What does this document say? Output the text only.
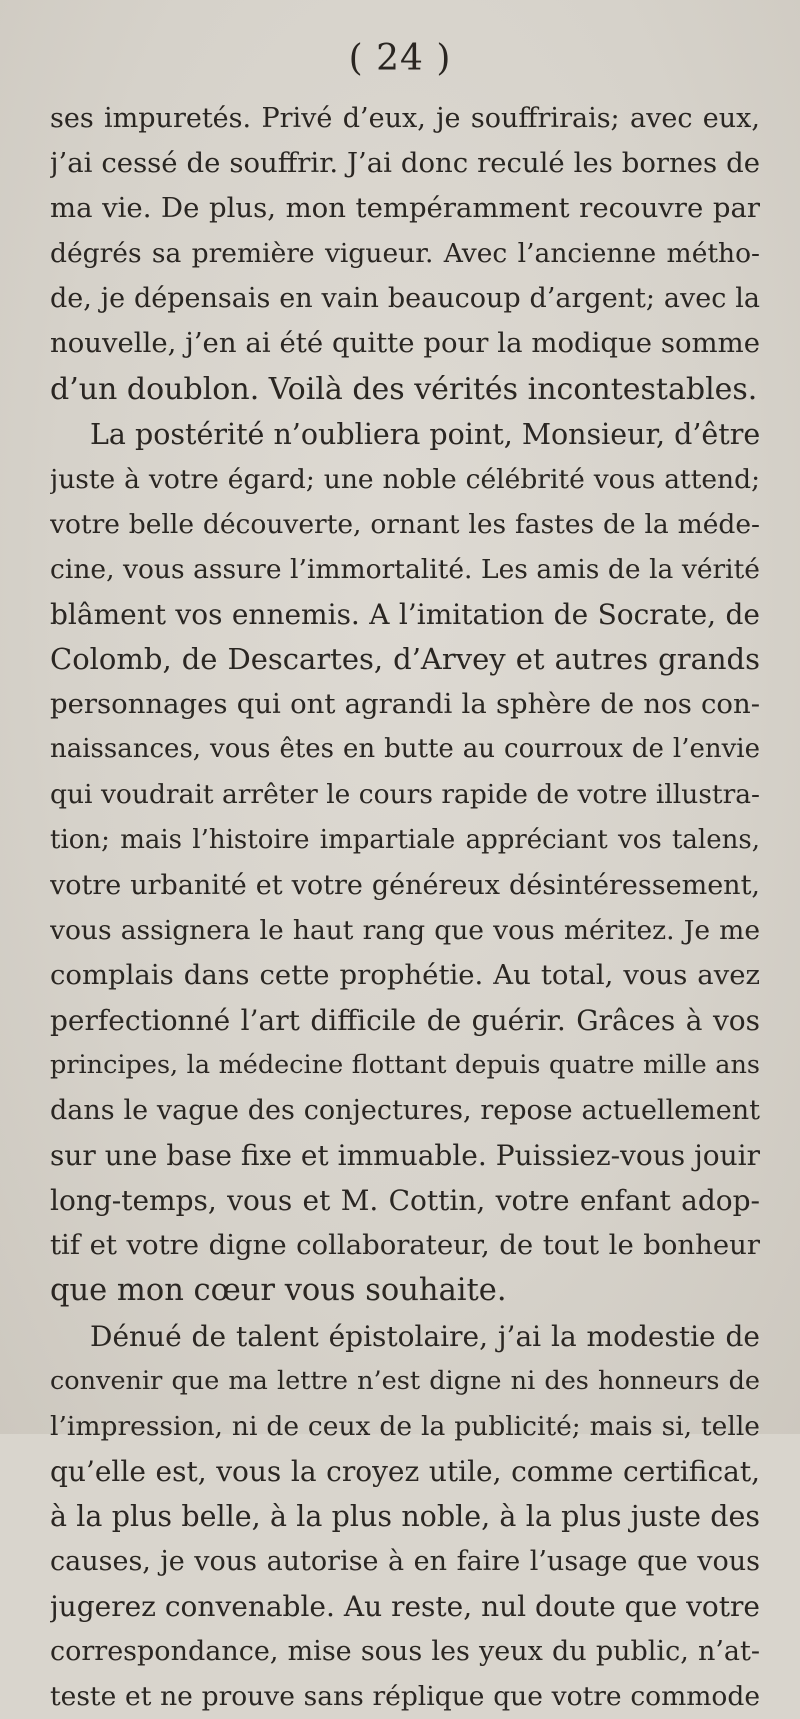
( 24 )
ses impuretés. Privé d’eux, je souffrirais; avec eux,
j’ai cessé de souffrir. J’ai donc reculé les bornes de
ma vie. De plus, mon tempéramment recouvre par
dégrés sa première vigueur. Avec l’ancienne métho-
de, je dépensais en vain beaucoup d’argent; avec la
nouvelle, j’en ai été quitte pour la modique somme
d’un doublon. Voilà des vérités incontestables.
La postérité n’oubliera point, Monsieur, d’être
juste à votre égard; une noble célébrité vous attend;
votre belle découverte, ornant les fastes de la méde-
cine, vous assure l’immortalité. Les amis de la vérité
blâment vos ennemis. A l’imitation de Socrate, de
Colomb, de Descartes, d’Arvey et autres grands
personnages qui ont agrandi la sphère de nos con-
naissances, vous êtes en butte au courroux de l’envie
qui voudrait arrêter le cours rapide de votre illustra-
tion; mais l’histoire impartiale appréciant vos talens,
votre urbanité et votre généreux désintéressement,
vous assignera le haut rang que vous méritez. Je me
complais dans cette prophétie. Au total, vous avez
perfectionné l’art difficile de guérir. Grâces à vos
principes, la médecine flottant depuis quatre mille ans
dans le vague des conjectures, repose actuellement
sur une base fixe et immuable. Puissiez-vous jouir
long-temps, vous et M. Cottin, votre enfant adop-
tif et votre digne collaborateur, de tout le bonheur
que mon cœur vous souhaite.
Dénué de talent épistolaire, j’ai la modestie de
convenir que ma lettre n’est digne ni des honneurs de
l’impression, ni de ceux de la publicité; mais si, telle
qu’elle est, vous la croyez utile, comme certificat,
à la plus belle, à la plus noble, à la plus juste des
causes, je vous autorise à en faire l’usage que vous
jugerez convenable. Au reste, nul doute que votre
correspondance, mise sous les yeux du public, n’at-
teste et ne prouve sans réplique que votre commode
